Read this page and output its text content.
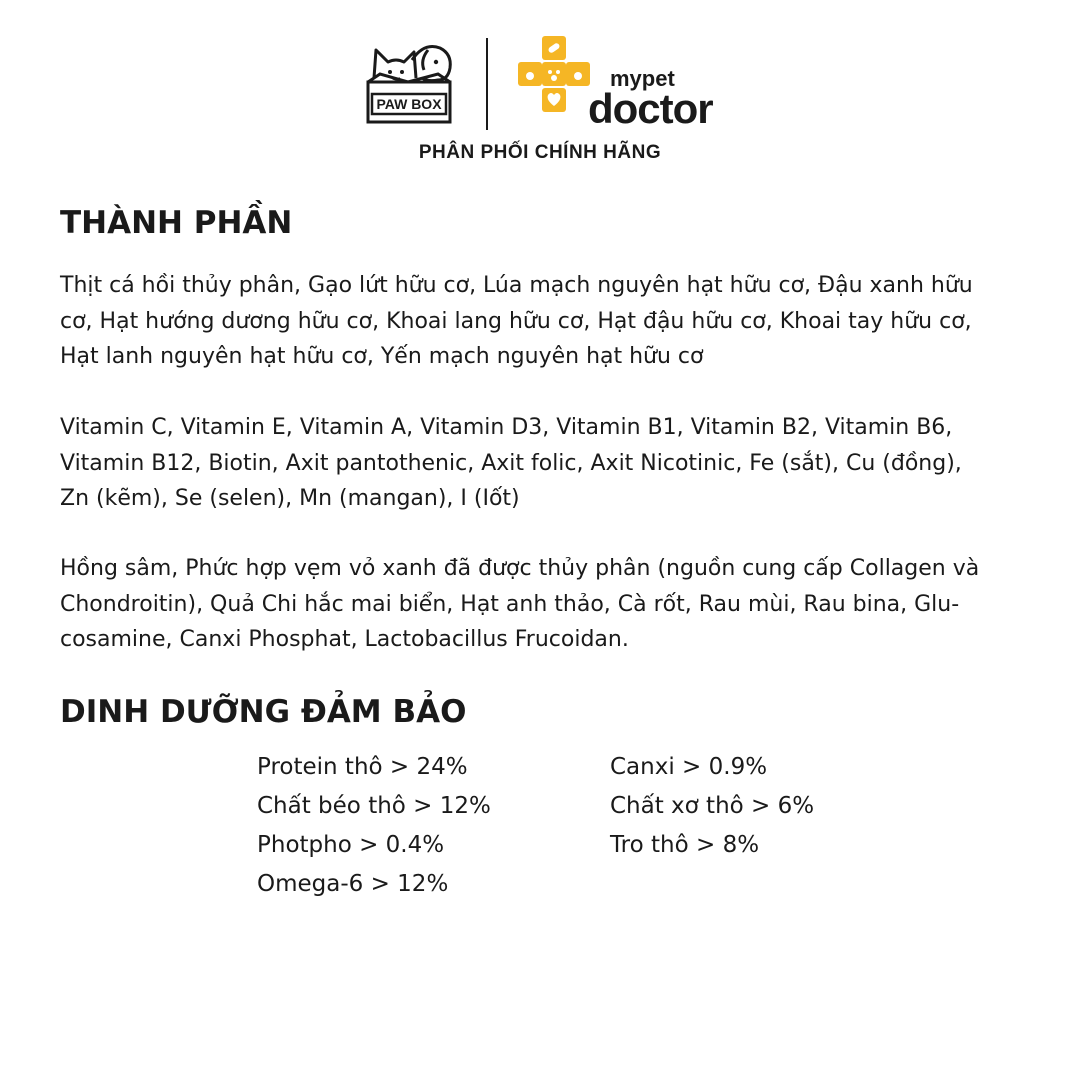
PAW BOX
mypet
doctor
PHÂN PHỐI CHÍNH HÃNG
THÀNH PHẦN

Thịt cá hồi thủy phân, Gạo lứt hữu cơ, Lúa mạch nguyên hạt hữu cơ, Đậu xanh hữu
cơ, Hạt hướng dương hữu cơ, Khoai lang hữu cơ, Hạt đậu hữu cơ, Khoai tay hữu cơ,
Hạt lanh nguyên hạt hữu cơ, Yến mạch nguyên hạt hữu cơ

Vitamin C, Vitamin E, Vitamin A, Vitamin D3, Vitamin B1, Vitamin B2, Vitamin B6,
Vitamin B12, Biotin, Axit pantothenic, Axit folic, Axit Nicotinic, Fe (sắt), Cu (đồng),
Zn (kẽm), Se (selen), Mn (mangan), I (Iốt)

Hồng sâm, Phức hợp vẹm vỏ xanh đã được thủy phân (nguồn cung cấp Collagen và
Chondroitin), Quả Chi hắc mai biển, Hạt anh thảo, Cà rốt, Rau mùi, Rau bina, Glu-
cosamine, Canxi Phosphat, Lactobacillus Frucoidan.

DINH DƯỠNG ĐẢM BẢO
Protein thô > 24%
Chất béo thô > 12%
Photpho > 0.4%
Omega-6 > 12%
Canxi > 0.9%
Chất xơ thô > 6%
Tro thô > 8%
